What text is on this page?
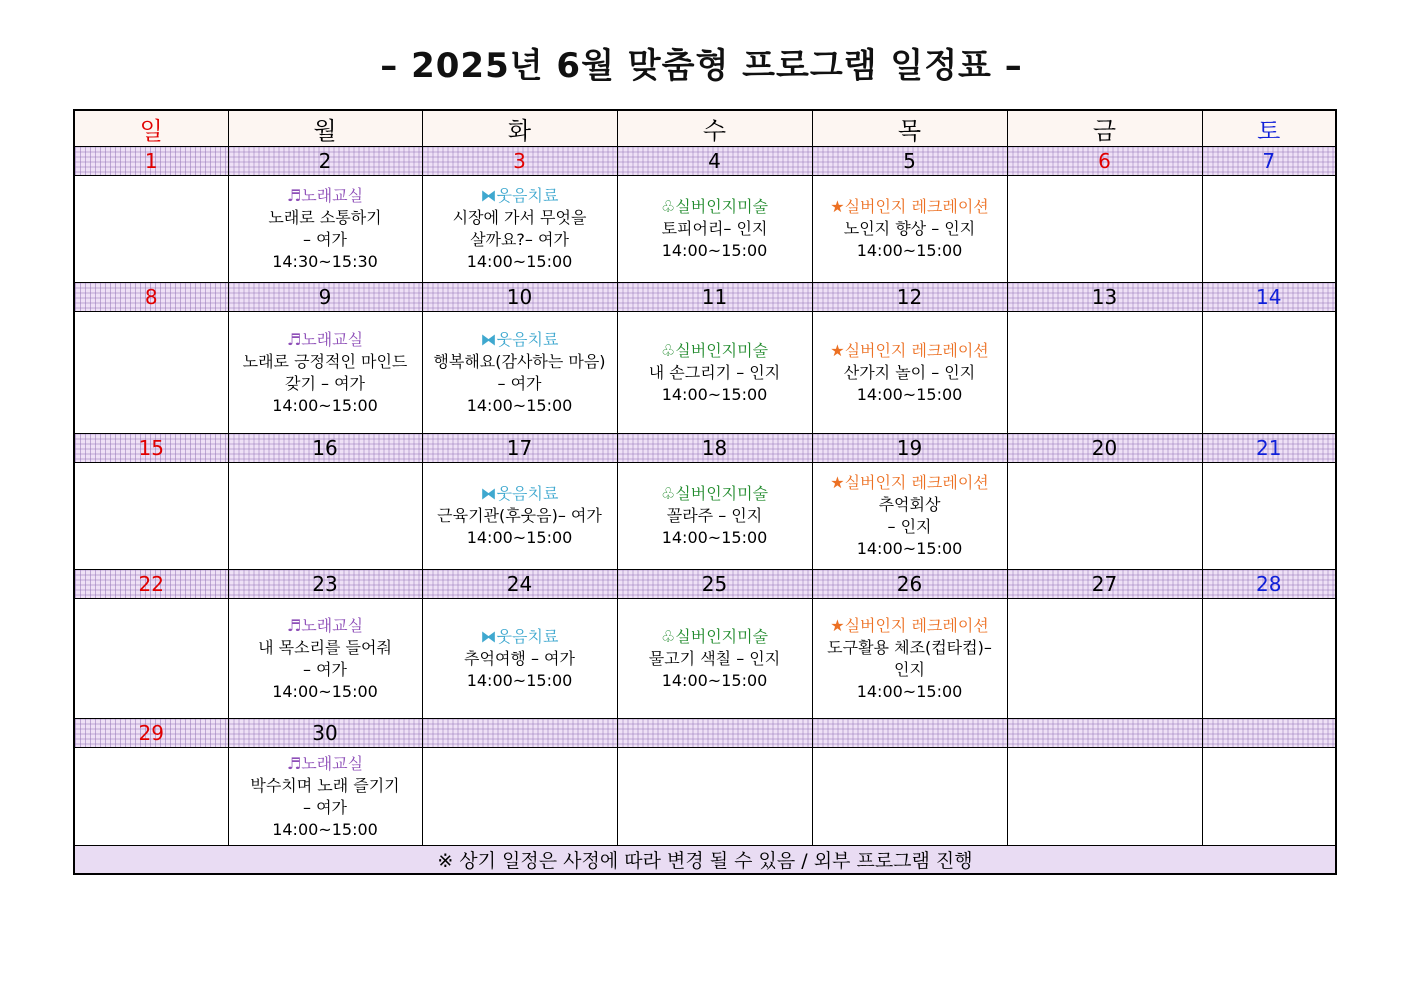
– 2025년 6월 맞춤형 프로그램 일정표 –
일	월	화	수	목	금	토
1	2	3	4	5	6	7

	♬노래교실
노래로 소통하기
– 여가
14:30~15:30	⧓웃음치료
시장에 가서 무엇을
살까요?– 여가
14:00~15:00	♧실버인지미술
토피어리– 인지
14:00~15:00	★실버인지 레크레이션
노인지 향상 – 인지
14:00~15:00		

8	9	10	11	12	13	14

	♬노래교실
노래로 긍정적인 마인드
갖기 – 여가
14:00~15:00	⧓웃음치료
행복해요(감사하는 마음)
– 여가
14:00~15:00	♧실버인지미술
내 손그리기 – 인지
14:00~15:00	★실버인지 레크레이션
산가지 놀이 – 인지
14:00~15:00		

15	16	17	18	19	20	21

		⧓웃음치료
근육기관(후웃음)– 여가
14:00~15:00	♧실버인지미술
꼴라주 – 인지
14:00~15:00	★실버인지 레크레이션
추억회상
– 인지
14:00~15:00		

22	23	24	25	26	27	28

	♬노래교실
내 목소리를 들어줘
– 여가
14:00~15:00	⧓웃음치료
추억여행 – 여가
14:00~15:00	♧실버인지미술
물고기 색칠 – 인지
14:00~15:00	★실버인지 레크레이션
도구활용 체조(컵타컵)–
인지
14:00~15:00		

29	30					

	♬노래교실
박수치며 노래 즐기기
– 여가
14:00~15:00					

※ 상기 일정은 사정에 따라 변경 될 수 있음 / 외부 프로그램 진행						
